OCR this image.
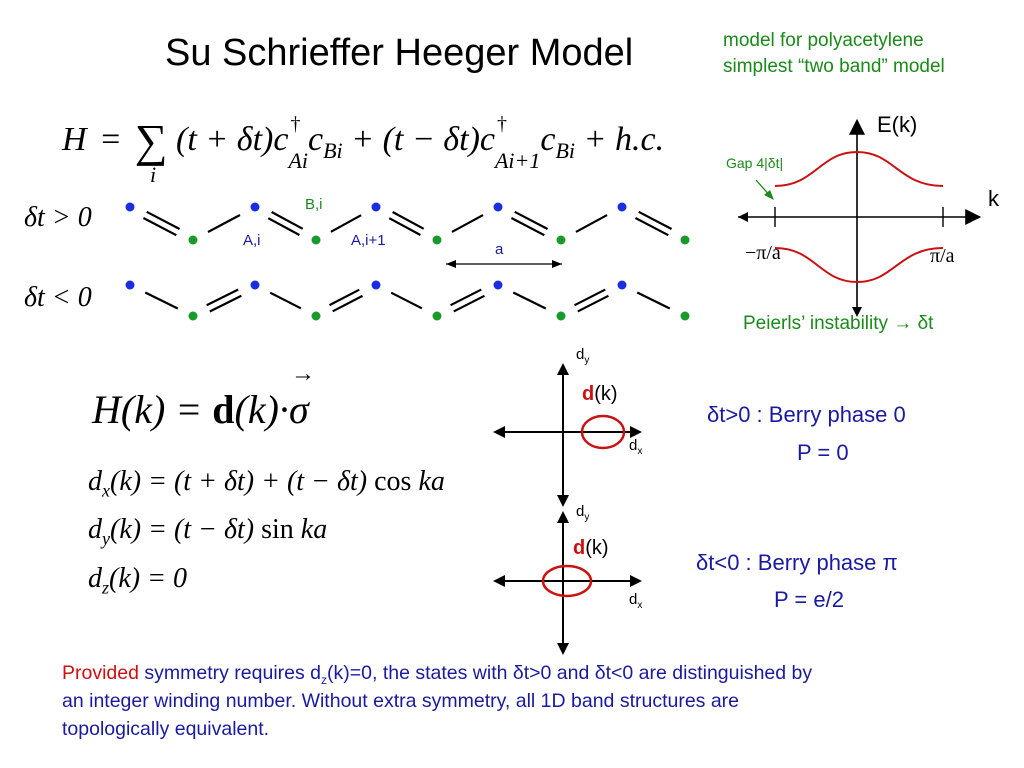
Su Schrieffer Heeger Model	model for polyacetylene
simplest “two band” model
H = ∑ (t + δt)c †
$_{Ai}c_{Bi} + (t - \delta t)c$ †
$_{Ai+1}c_{Bi} + h.c$.
i
δt > 0
δt < 0
B,i
A,i	A,i+1
a
E(k)
k
Gap 4|δt|
−π/a	π/a
Peierls’ instability → δt
H(k) = d(k)·σ
→
$d_x(k) = (t + \delta t) + (t - \delta t)$ cos ka
$d_y(k) = (t - \delta t)$ sin ka
$d_z(k) = 0$
$d_y$
$d_x$
d(k)
$d_y$
$d_x$
d(k)
δt>0 : Berry phase 0
P = 0
δt<0 : Berry phase π
P = e/2
Provided symmetry requires $d_z(k)=0$, the states with δt>0 and δt<0 are distinguished by
an integer winding number. Without extra symmetry, all 1D band structures are
topologically equivalent.
